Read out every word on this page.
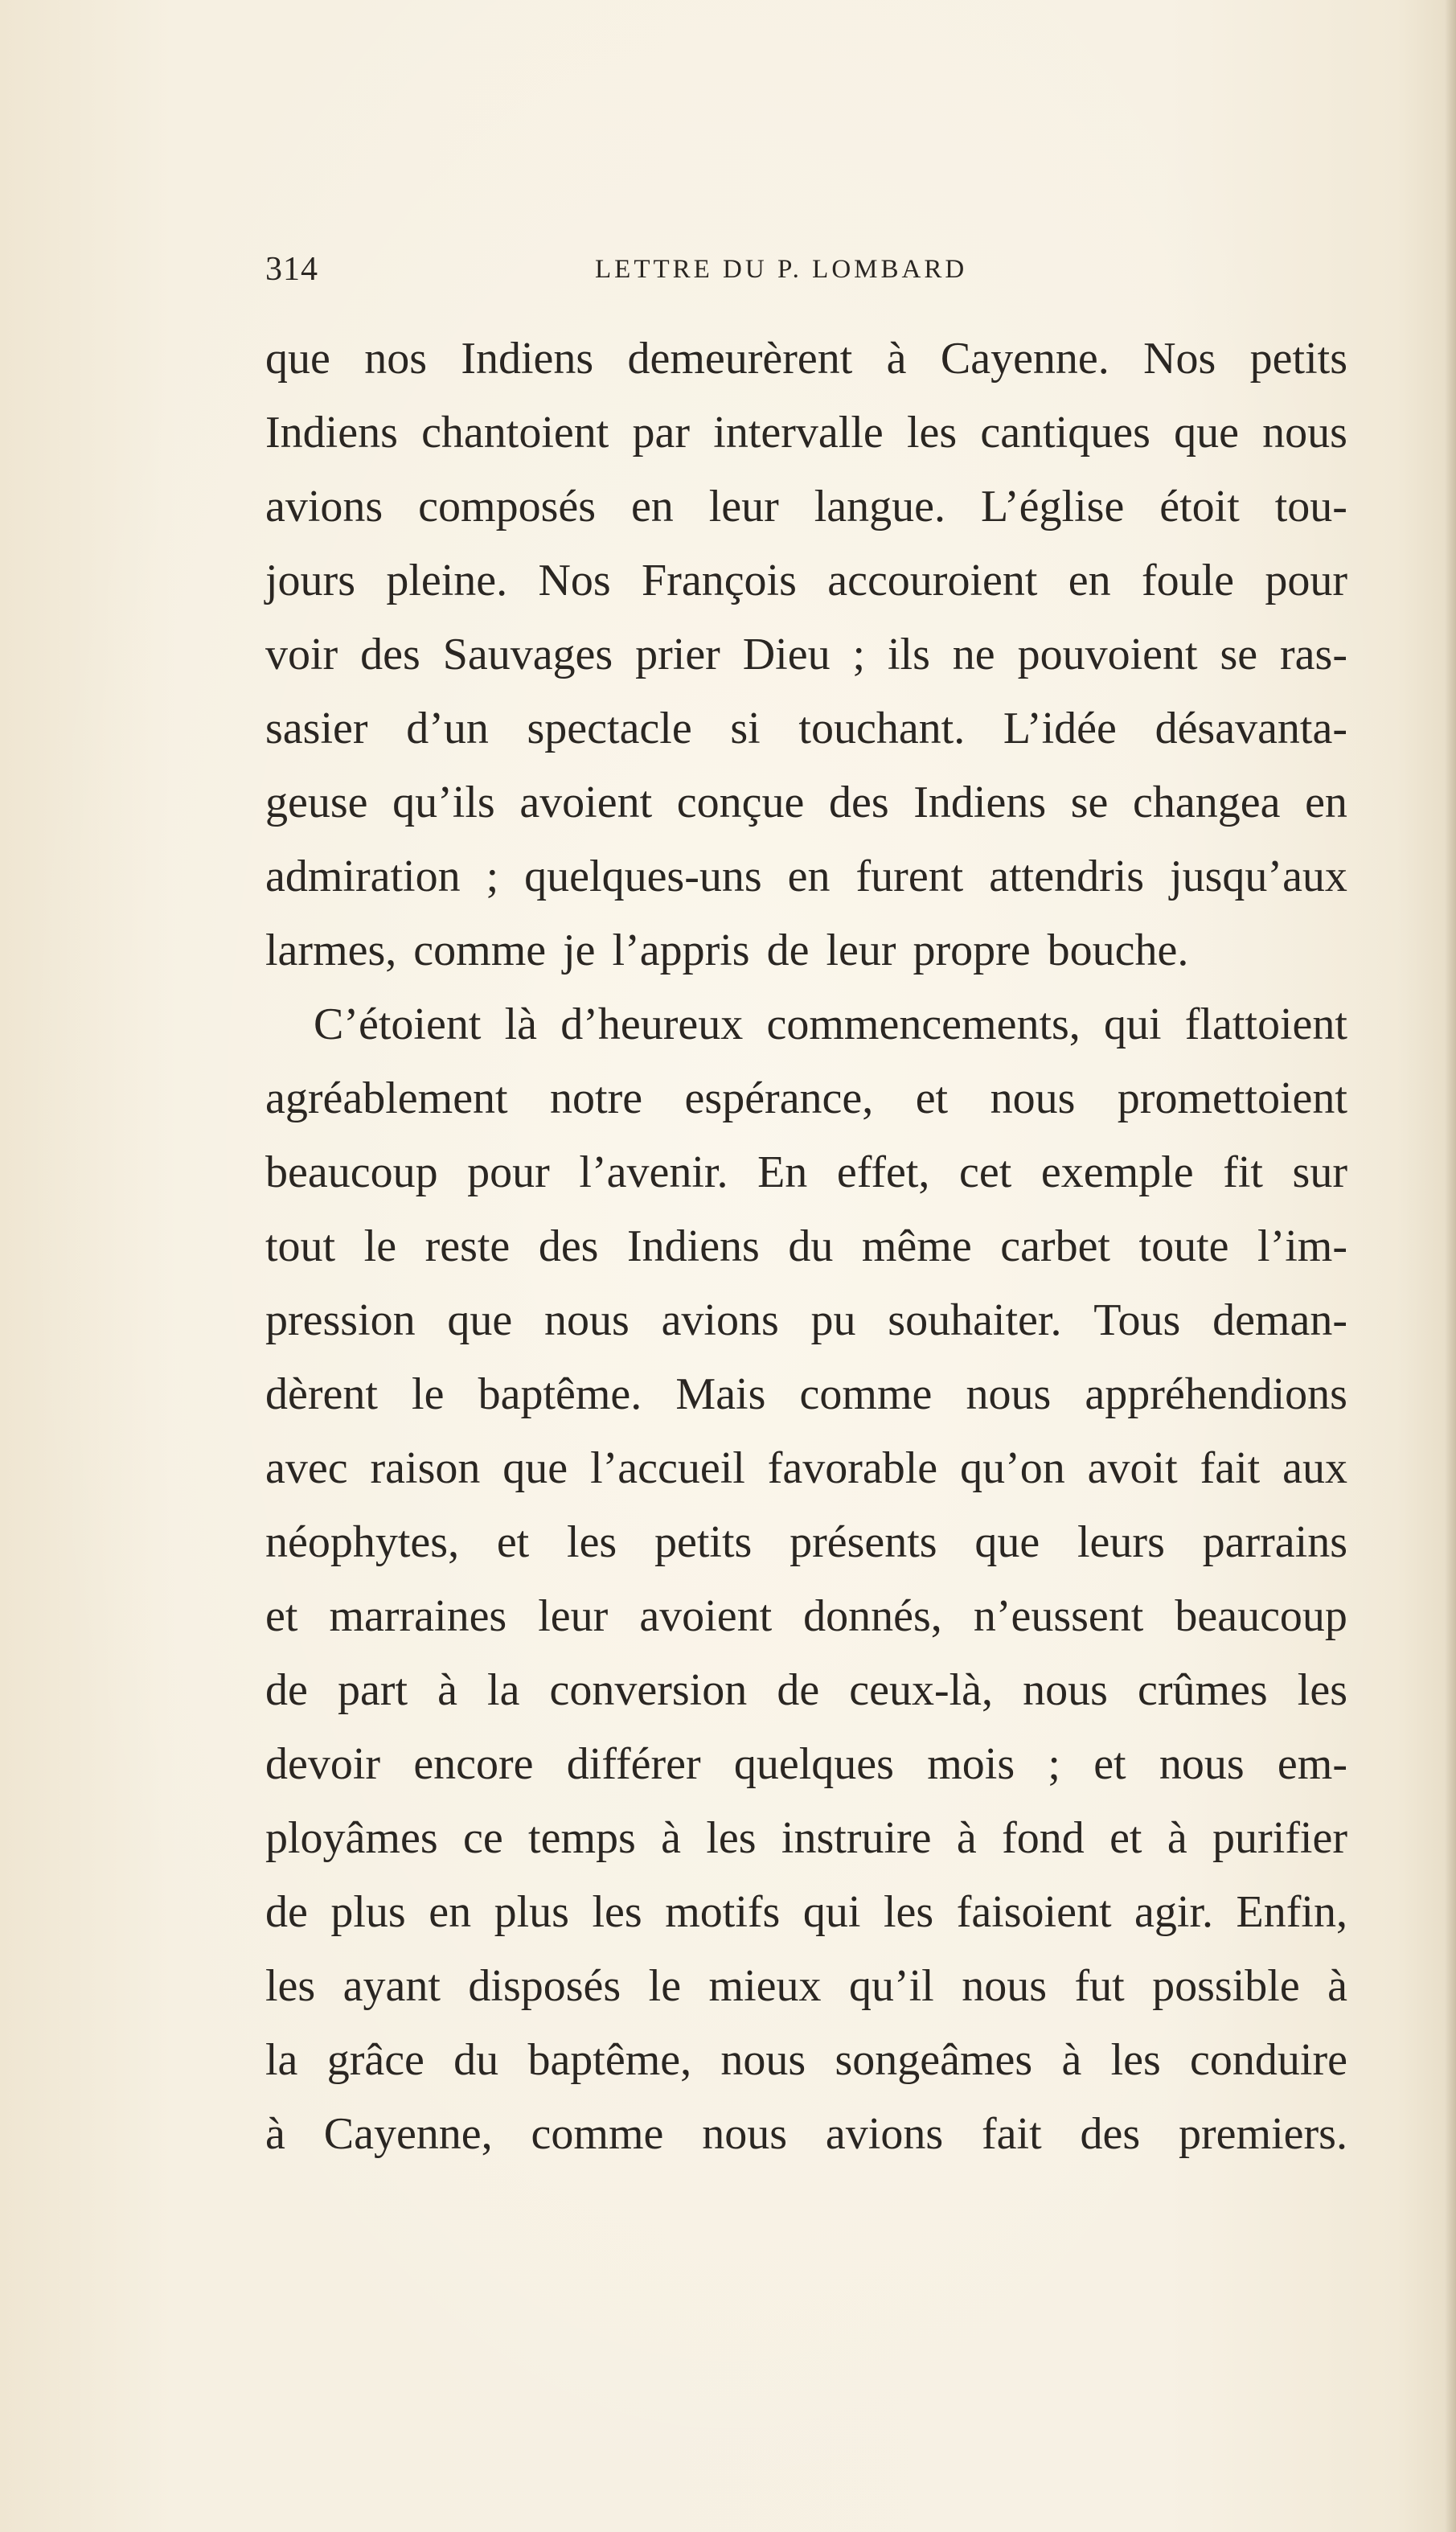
314	LETTRE DU P. LOMBARD
que nos Indiens demeurèrent à Cayenne. Nos petits
Indiens chantoient par intervalle les cantiques que nous
avions composés en leur langue. L’église étoit tou-
jours pleine. Nos François accouroient en foule pour
voir des Sauvages prier Dieu ; ils ne pouvoient se ras-
sasier d’un spectacle si touchant. L’idée désavanta-
geuse qu’ils avoient conçue des Indiens se changea en
admiration ; quelques-uns en furent attendris jusqu’aux
larmes, comme je l’appris de leur propre bouche.
C’étoient là d’heureux commencements, qui flattoient
agréablement notre espérance, et nous promettoient
beaucoup pour l’avenir. En effet, cet exemple fit sur
tout le reste des Indiens du même carbet toute l’im-
pression que nous avions pu souhaiter. Tous deman-
dèrent le baptême. Mais comme nous appréhendions
avec raison que l’accueil favorable qu’on avoit fait aux
néophytes, et les petits présents que leurs parrains
et marraines leur avoient donnés, n’eussent beaucoup
de part à la conversion de ceux-là, nous crûmes les
devoir encore différer quelques mois ; et nous em-
ployâmes ce temps à les instruire à fond et à purifier
de plus en plus les motifs qui les faisoient agir. Enfin,
les ayant disposés le mieux qu’il nous fut possible à
la grâce du baptême, nous songeâmes à les conduire
à Cayenne, comme nous avions fait des premiers.
